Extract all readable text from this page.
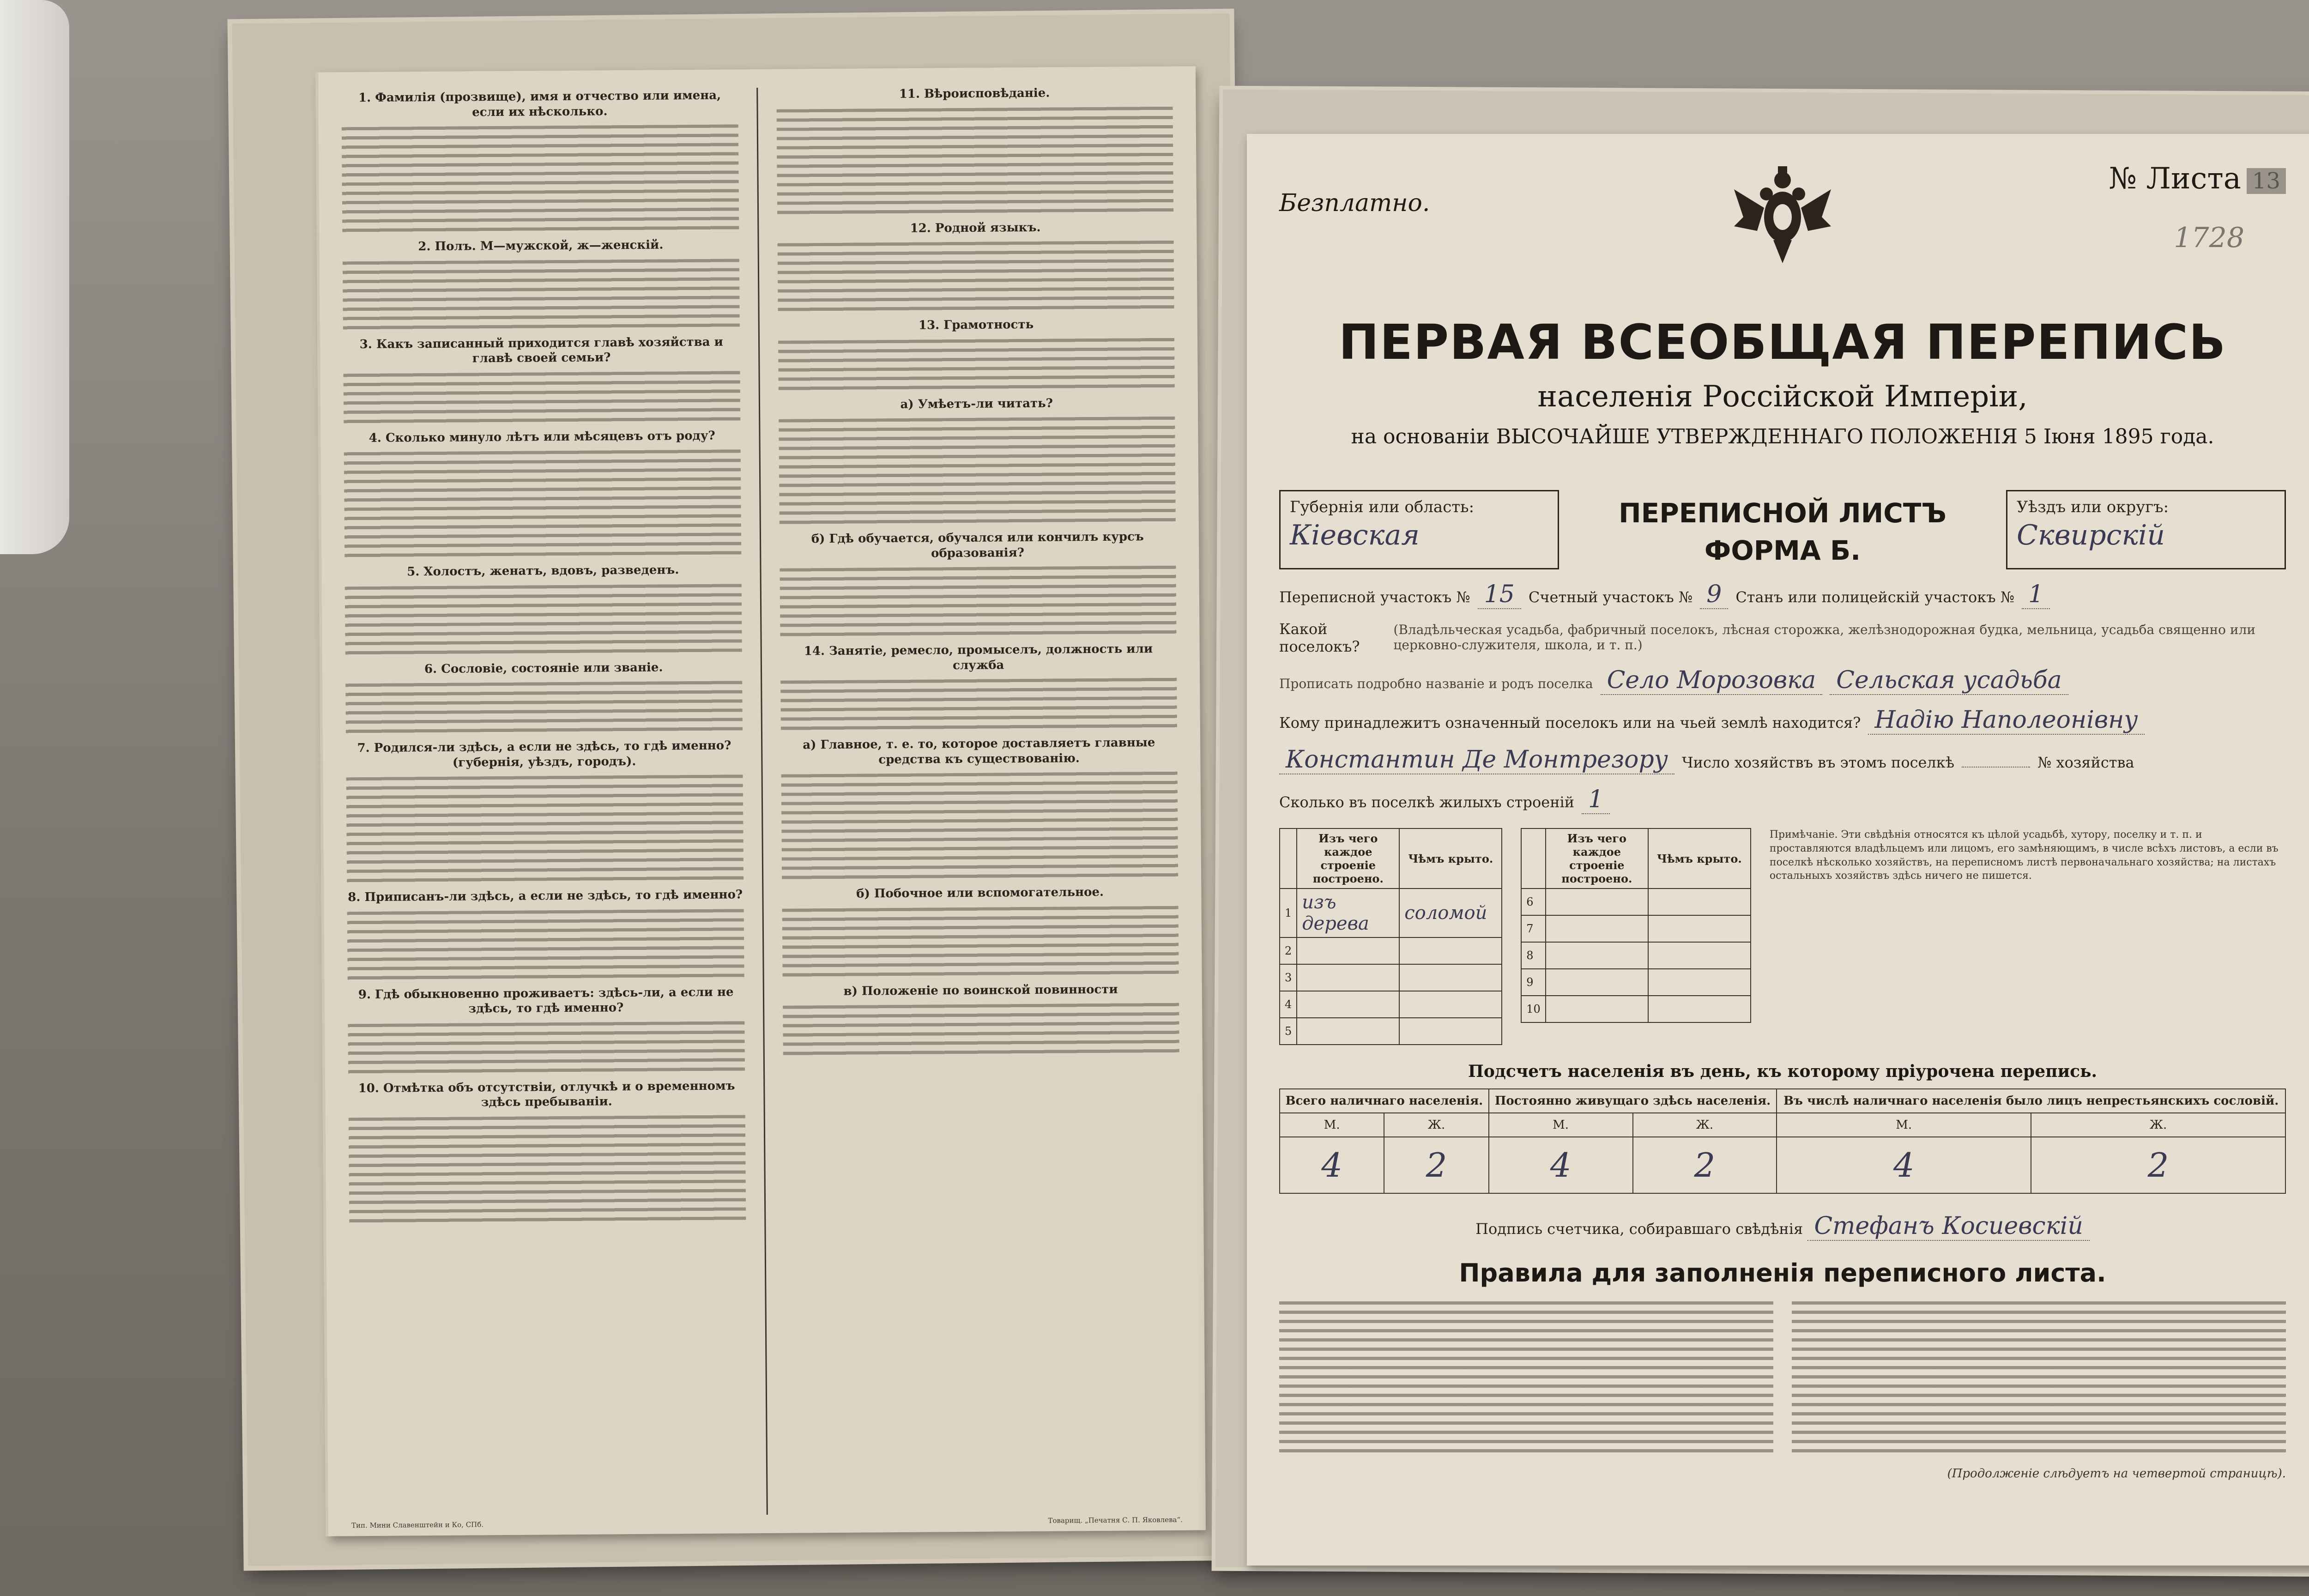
1. Фамилія (прозвище), имя и отчество или имена, если их нѣсколько.
2. Полъ. М—мужской, ж—женскій.
3. Какъ записанный приходится главѣ хозяйства и главѣ своей семьи?
4. Сколько минуло лѣтъ или мѣсяцевъ отъ роду?
5. Холостъ, женатъ, вдовъ, разведенъ.
6. Сословіе, состояніе или званіе.
7. Родился-ли здѣсь, а если не здѣсь, то гдѣ именно? (губернія, уѣздъ, городъ).
8. Приписанъ-ли здѣсь, а если не здѣсь, то гдѣ именно?
9. Гдѣ обыкновенно проживаетъ: здѣсь-ли, а если не здѣсь, то гдѣ именно?
10. Отмѣтка объ отсутствіи, отлучкѣ и о временномъ здѣсь пребываніи.
11. Вѣроисповѣданіе.
12. Родной языкъ.
13. Грамотность
а) Умѣетъ-ли читать?
б) Гдѣ обучается, обучался или кончилъ курсъ образованія?
14. Занятіе, ремесло, промыселъ, должность или служба
а) Главное, т. е. то, которое доставляетъ главные средства къ существованію.
б) Побочное или вспомогательное.
в) Положеніе по воинской повинности
Тип. Мини Славенштейн и Ко, СПб.
Товарищ. „Печатня С. П. Яковлева“.
Безплатно.
№ Листа 13
1728
ПЕРВАЯ ВСЕОБЩАЯ ПЕРЕПИСЬ
населенія Россійской Имперіи,
на основаніи ВЫСОЧАЙШЕ УТВЕРЖДЕННАГО ПОЛОЖЕНІЯ 5 Іюня 1895 года.
Губернія или область:
Кіевская
ПЕРЕПИСНОЙ ЛИСТЪ
ФОРМА Б.
Уѣздъ или округъ:
Сквирскій
Переписной участокъ № 15 Счетный участокъ № 9 Станъ или полицейскій участокъ № 1
Какой поселокъ?
(Владѣльческая усадьба, фабричный поселокъ, лѣсная сторожка, желѣзнодорожная будка, мельница, усадьба священно или церковно-служителя, школа, и т. п.)
Прописать подробно названіе и родъ поселка Село Морозовка Сельская усадьба
Кому принадлежитъ означенный поселокъ или на чьей землѣ находится? Надію Наполеонівну
Константин Де Монтрезору Число хозяйствъ въ этомъ поселкѣ	№ хозяйства
Сколько въ поселкѣ жилыхъ строеній 1
	Изъ чего каждое строеніе построено.	Чѣмъ крыто.
1	изъ дерева	соломой
2		
3		
4		
5		
	Изъ чего каждое строеніе построено.	Чѣмъ крыто.
6		
7		
8		
9		
10		
Примѣчаніе. Эти свѣдѣнія относятся къ цѣлой усадьбѣ, хутору, поселку и т. п. и проставляются владѣльцемъ или лицомъ, его замѣняющимъ, в числе всѣхъ листовъ, а если въ поселкѣ нѣсколько хозяйствъ, на переписномъ листѣ первоначальнаго хозяйства; на листахъ остальныхъ хозяйствъ здѣсь ничего не пишется.
Подсчетъ населенія въ день, къ которому пріурочена перепись.
Всего наличнаго населенія.		Постоянно живущаго здѣсь населенія.		Въ числѣ наличнаго населенія было лицъ непрестьянскихъ сословій.	
М.	Ж.	М.	Ж.	М.	Ж.
4	2	4	2	4	2
Подпись счетчика, собиравшаго свѣдѣнія Стефанъ Косиевскій
Правила для заполненія переписного листа.
(Продолженіе слѣдуетъ на четвертой страницѣ).
